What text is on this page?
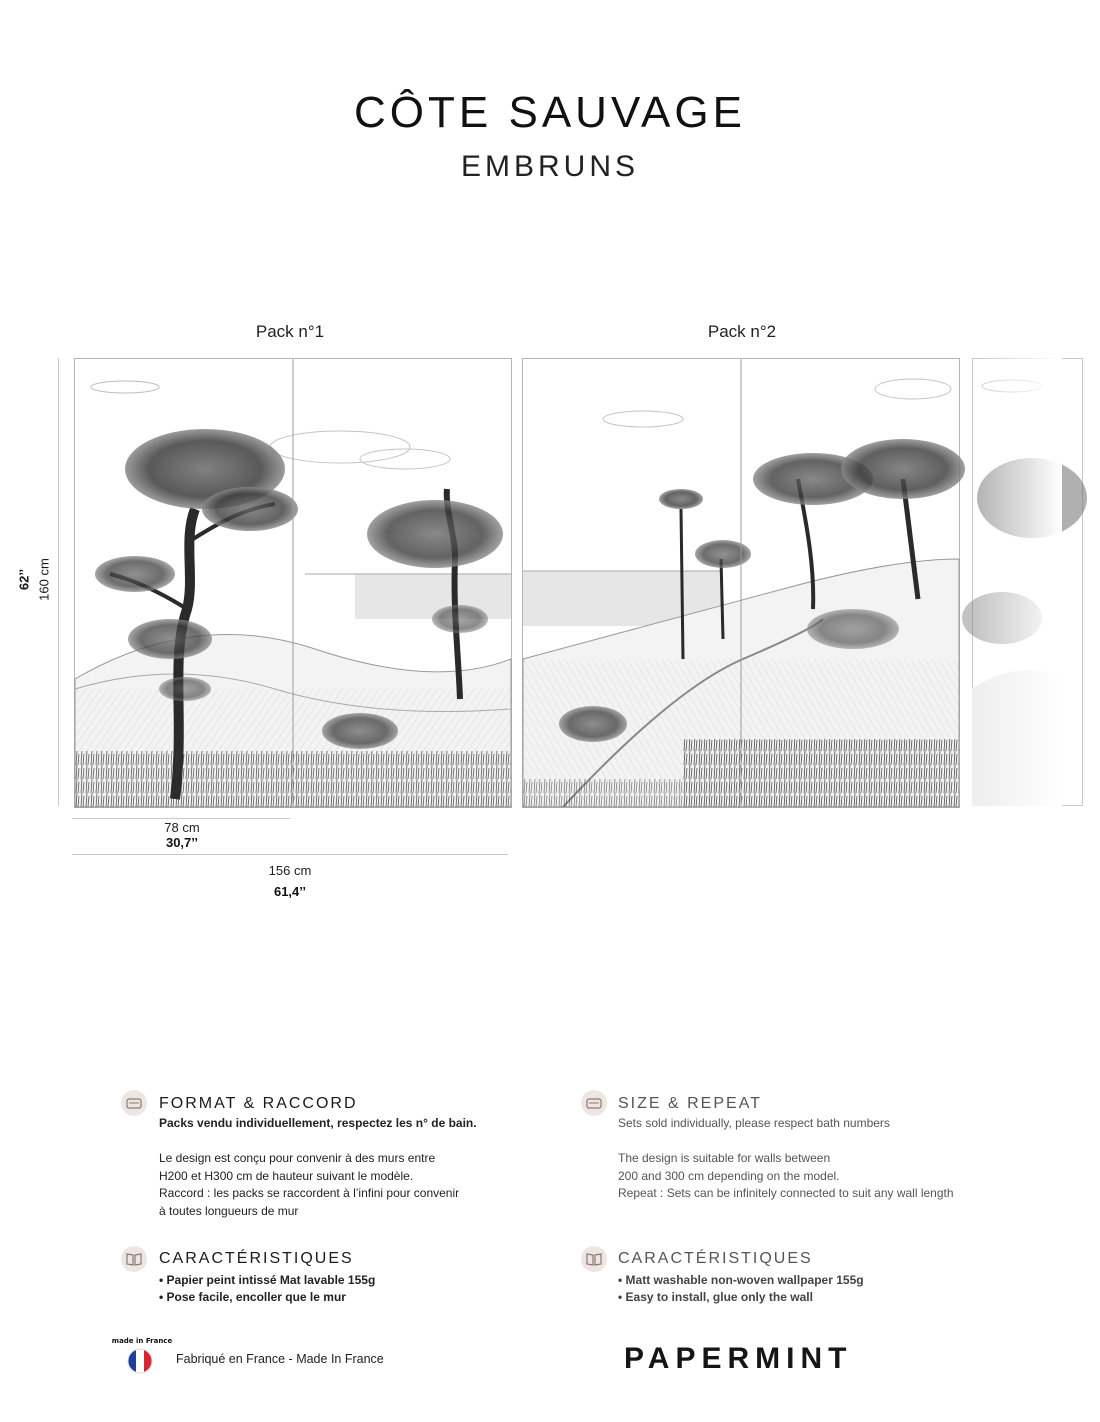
CÔTE SAUVAGE
EMBRUNS
Pack n°1	Pack n°2
62’’ 160 cm
78 cm
30,7’’
156 cm
61,4’’
FORMAT & RACCORD
Packs vendu individuellement, respectez les n° de bain.
Le design est conçu pour convenir à des murs entre
H200 et H300 cm de hauteur suivant le modèle.
Raccord : les packs se raccordent à l’infini pour convenir
à toutes longueurs de mur
SIZE & REPEAT
Sets sold individually, please respect bath numbers
The design is suitable for walls between
200 and 300 cm depending on the model.
Repeat : Sets can be infinitely connected to suit any wall length
CARACTÉRISTIQUES
• Papier peint intissé Mat lavable 155g
• Pose facile, encoller que le mur
CARACTÉRISTIQUES
• Matt washable non-woven wallpaper 155g
• Easy to install, glue only the wall
made in France
Fabriqué en France - Made In France	PAPERMINT
